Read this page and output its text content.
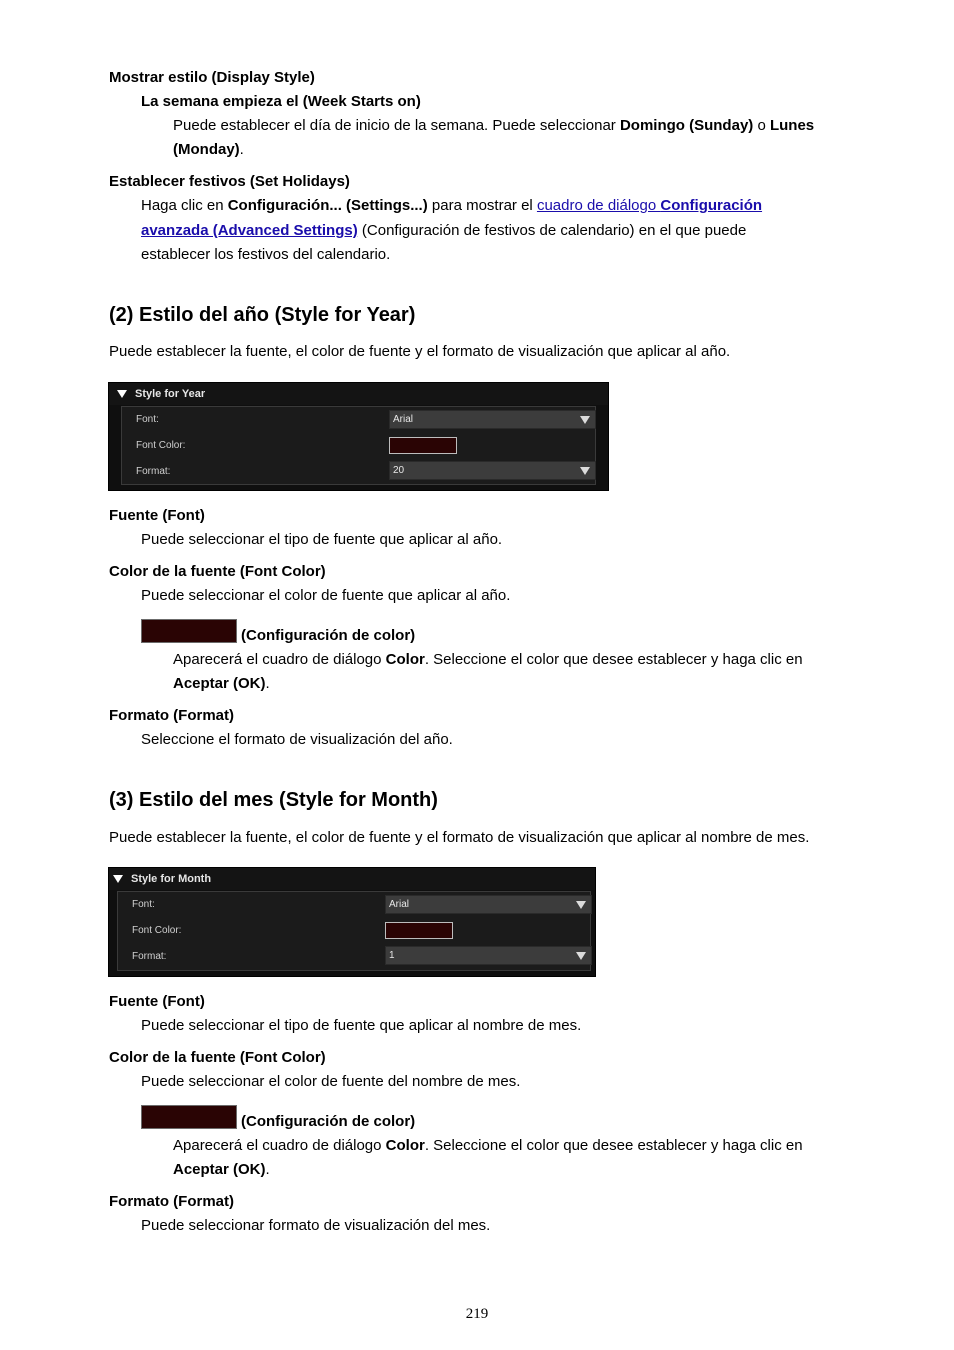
Mostrar estilo (Display Style)
La semana empieza el (Week Starts on)
Puede establecer el día de inicio de la semana. Puede seleccionar Domingo (Sunday) o Lunes
(Monday).
Establecer festivos (Set Holidays)
Haga clic en Configuración... (Settings...) para mostrar el cuadro de diálogo Configuración
avanzada (Advanced Settings) (Configuración de festivos de calendario) en el que puede
establecer los festivos del calendario.
(2) Estilo del año (Style for Year)
Puede establecer la fuente, el color de fuente y el formato de visualización que aplicar al año.
Style for Year
Font:	Arial
Font Color:
Format:	20
Fuente (Font)
Puede seleccionar el tipo de fuente que aplicar al año.
Color de la fuente (Font Color)
Puede seleccionar el color de fuente que aplicar al año.
(Configuración de color)
Aparecerá el cuadro de diálogo Color. Seleccione el color que desee establecer y haga clic en
Aceptar (OK).
Formato (Format)
Seleccione el formato de visualización del año.
(3) Estilo del mes (Style for Month)
Puede establecer la fuente, el color de fuente y el formato de visualización que aplicar al nombre de mes.
Style for Month
Font:	Arial
Font Color:
Format:	1
Fuente (Font)
Puede seleccionar el tipo de fuente que aplicar al nombre de mes.
Color de la fuente (Font Color)
Puede seleccionar el color de fuente del nombre de mes.
(Configuración de color)
Aparecerá el cuadro de diálogo Color. Seleccione el color que desee establecer y haga clic en
Aceptar (OK).
Formato (Format)
Puede seleccionar formato de visualización del mes.
219
